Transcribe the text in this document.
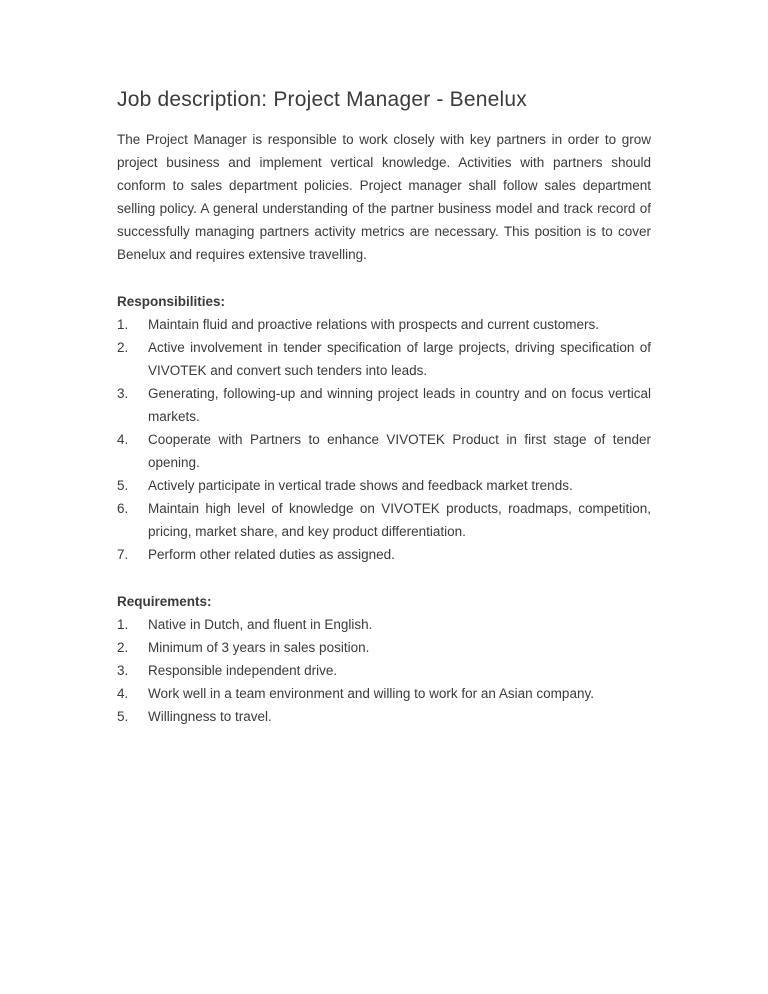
Job description: Project Manager - Benelux

The Project Manager is responsible to work closely with key partners in order to grow project business and implement vertical knowledge. Activities with partners should conform to sales department policies. Project manager shall follow sales department selling policy. A general understanding of the partner business model and track record of successfully managing partners activity metrics are necessary. This position is to cover Benelux and requires extensive travelling.

Responsibilities:
1. Maintain fluid and proactive relations with prospects and current customers.
2. Active involvement in tender specification of large projects, driving specification of VIVOTEK and convert such tenders into leads.
3. Generating, following-up and winning project leads in country and on focus vertical markets.
4. Cooperate with Partners to enhance VIVOTEK Product in first stage of tender opening.
5. Actively participate in vertical trade shows and feedback market trends.
6. Maintain high level of knowledge on VIVOTEK products, roadmaps, competition, pricing, market share, and key product differentiation.
7. Perform other related duties as assigned.
Requirements:
1. Native in Dutch, and fluent in English.
2. Minimum of 3 years in sales position.
3. Responsible independent drive.
4. Work well in a team environment and willing to work for an Asian company.
5. Willingness to travel.
